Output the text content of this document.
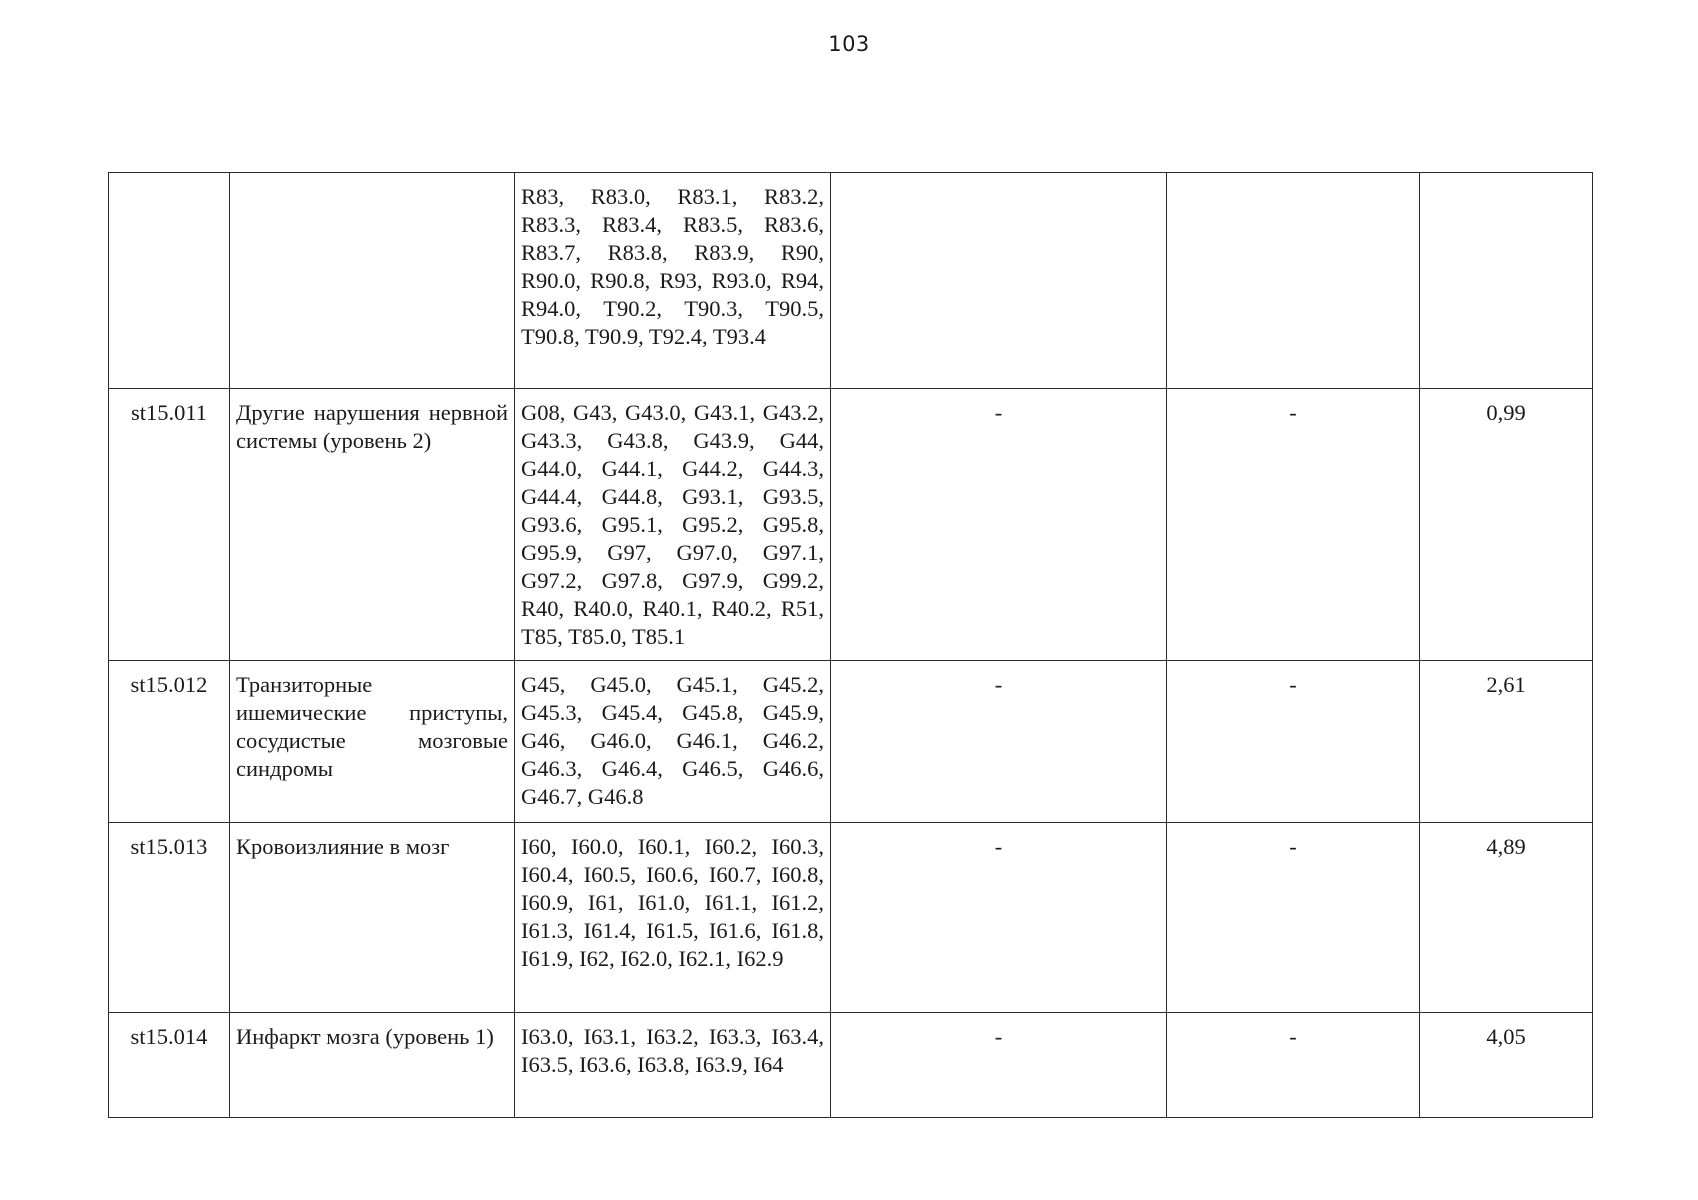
103
		R83, R83.0, R83.1, R83.2, R83.3, R83.4, R83.5, R83.6, R83.7, R83.8, R83.9, R90, R90.0, R90.8, R93, R93.0, R94, R94.0, T90.2, T90.3, T90.5, T90.8, T90.9, T92.4, T93.4			
st15.011	Другие нарушения нервной системы (уровень 2)	G08, G43, G43.0, G43.1, G43.2, G43.3, G43.8, G43.9, G44, G44.0, G44.1, G44.2, G44.3, G44.4, G44.8, G93.1, G93.5, G93.6, G95.1, G95.2, G95.8, G95.9, G97, G97.0, G97.1, G97.2, G97.8, G97.9, G99.2, R40, R40.0, R40.1, R40.2, R51, T85, T85.0, T85.1	-	-	0,99
st15.012	Транзиторные ишемические приступы, сосудистые мозговые синдромы	G45, G45.0, G45.1, G45.2, G45.3, G45.4, G45.8, G45.9, G46, G46.0, G46.1, G46.2, G46.3, G46.4, G46.5, G46.6, G46.7, G46.8	-	-	2,61
st15.013	Кровоизлияние в мозг	I60, I60.0, I60.1, I60.2, I60.3, I60.4, I60.5, I60.6, I60.7, I60.8, I60.9, I61, I61.0, I61.1, I61.2, I61.3, I61.4, I61.5, I61.6, I61.8, I61.9, I62, I62.0, I62.1, I62.9	-	-	4,89
st15.014	Инфаркт мозга (уровень 1)	I63.0, I63.1, I63.2, I63.3, I63.4, I63.5, I63.6, I63.8, I63.9, I64	-	-	4,05
